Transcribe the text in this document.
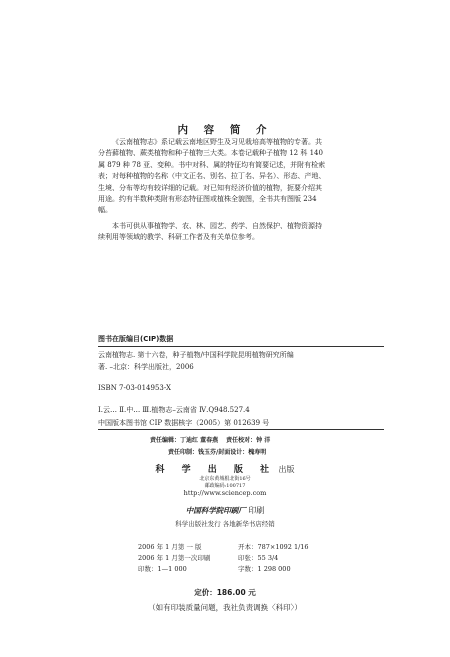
内 容 简 介

《云南植物志》系记载云南地区野生及习见栽培高等植物的专著。共
分苔藓植物、蕨类植物和种子植物三大类。本卷记载种子植物 12 科 140
属 879 种 78 亚、变种。书中对科、属的特征均有简要记述，并附有检索
表；对每种植物的名称（中文正名、别名、拉丁名、异名）、形态、产地、
生境、分布等均有较详细的记载。对已知有经济价值的植物，扼要介绍其
用途。约有半数种类附有形态特征图或植株全貌图，全书共有图版 234
幅。

本书可供从事植物学、农、林、园艺、药学、自然保护、植物资源持
续利用等领域的教学、科研工作者及有关单位参考。

图书在版编目(CIP)数据
云南植物志. 第十六卷，种子植物/中国科学院昆明植物研究所编
著. –北京：科学出版社，2006
ISBN 7-03-014953-X
Ⅰ.云… Ⅱ.中… Ⅲ.植物志–云南省 Ⅳ.Q948.527.4
中国版本图书馆 CIP 数据核字（2005）第 012639 号
责任编辑：丁迪红 董春燕 责任校对：钟 洋
责任印制：钱玉芬/封面设计：槐寿明
科 学 出 版 社 出版
北京东黄城根北街16号
邮政编码:100717
http://www.sciencep.com
中国科学院印刷厂 印刷
科学出版社发行 各地新华书店经销
2006 年 1 月第 一 版
2006 年 1 月第一次印刷
印数：1—1 000
开本：787×1092 1/16
印张：55 3/4
字数：1 298 000
定价：186.00 元
（如有印装质量问题，我社负责调换〈科印〉）
